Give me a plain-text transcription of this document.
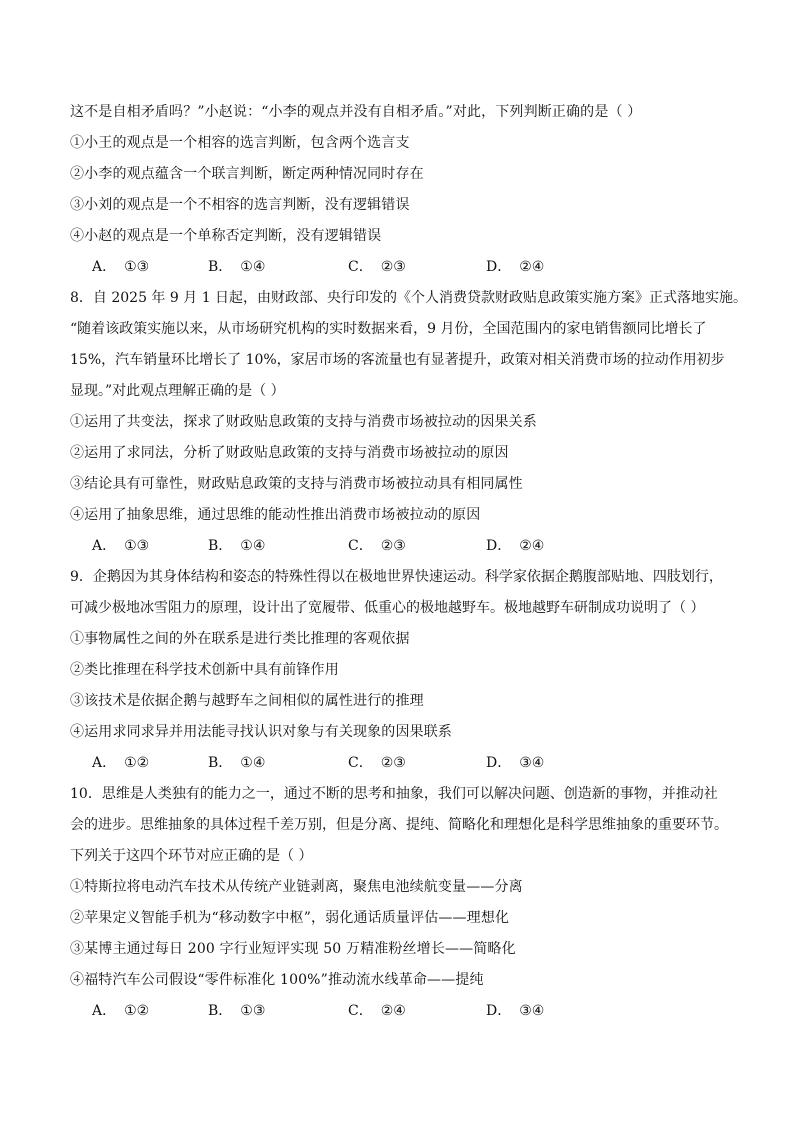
这不是自相矛盾吗？”小赵说：“小李的观点并没有自相矛盾。”对此，下列判断正确的是（ ）
①小王的观点是一个相容的选言判断，包含两个选言支
②小李的观点蕴含一个联言判断，断定两种情况同时存在
③小刘的观点是一个不相容的选言判断，没有逻辑错误
④小赵的观点是一个单称否定判断，没有逻辑错误
A． ①③	B． ①④	C． ②③	D． ②④
8．自 2025 年 9 月 1 日起，由财政部、央行印发的《个人消费贷款财政贴息政策实施方案》正式落地实施。
“随着该政策实施以来，从市场研究机构的实时数据来看，9 月份，全国范围内的家电销售额同比增长了
15%，汽车销量环比增长了 10%，家居市场的客流量也有显著提升，政策对相关消费市场的拉动作用初步
显现。”对此观点理解正确的是（ ）
①运用了共变法，探求了财政贴息政策的支持与消费市场被拉动的因果关系
②运用了求同法，分析了财政贴息政策的支持与消费市场被拉动的原因
③结论具有可靠性，财政贴息政策的支持与消费市场被拉动具有相同属性
④运用了抽象思维，通过思维的能动性推出消费市场被拉动的原因
A． ①③	B． ①④	C． ②③	D． ②④
9．企鹅因为其身体结构和姿态的特殊性得以在极地世界快速运动。科学家依据企鹅腹部贴地、四肢划行，
可减少极地冰雪阻力的原理，设计出了宽履带、低重心的极地越野车。极地越野车研制成功说明了（ ）
①事物属性之间的外在联系是进行类比推理的客观依据
②类比推理在科学技术创新中具有前锋作用
③该技术是依据企鹅与越野车之间相似的属性进行的推理
④运用求同求异并用法能寻找认识对象与有关现象的因果联系
A． ①②	B． ①④	C． ②③	D． ③④
10．思维是人类独有的能力之一，通过不断的思考和抽象，我们可以解决问题、创造新的事物，并推动社
会的进步。思维抽象的具体过程千差万别，但是分离、提纯、简略化和理想化是科学思维抽象的重要环节。
下列关于这四个环节对应正确的是（ ）
①特斯拉将电动汽车技术从传统产业链剥离，聚焦电池续航变量——分离
②苹果定义智能手机为“移动数字中枢”，弱化通话质量评估——理想化
③某博主通过每日 200 字行业短评实现 50 万精准粉丝增长——简略化
④福特汽车公司假设“零件标准化 100%”推动流水线革命——提纯
A． ①②	B． ①③	C． ②④	D． ③④
